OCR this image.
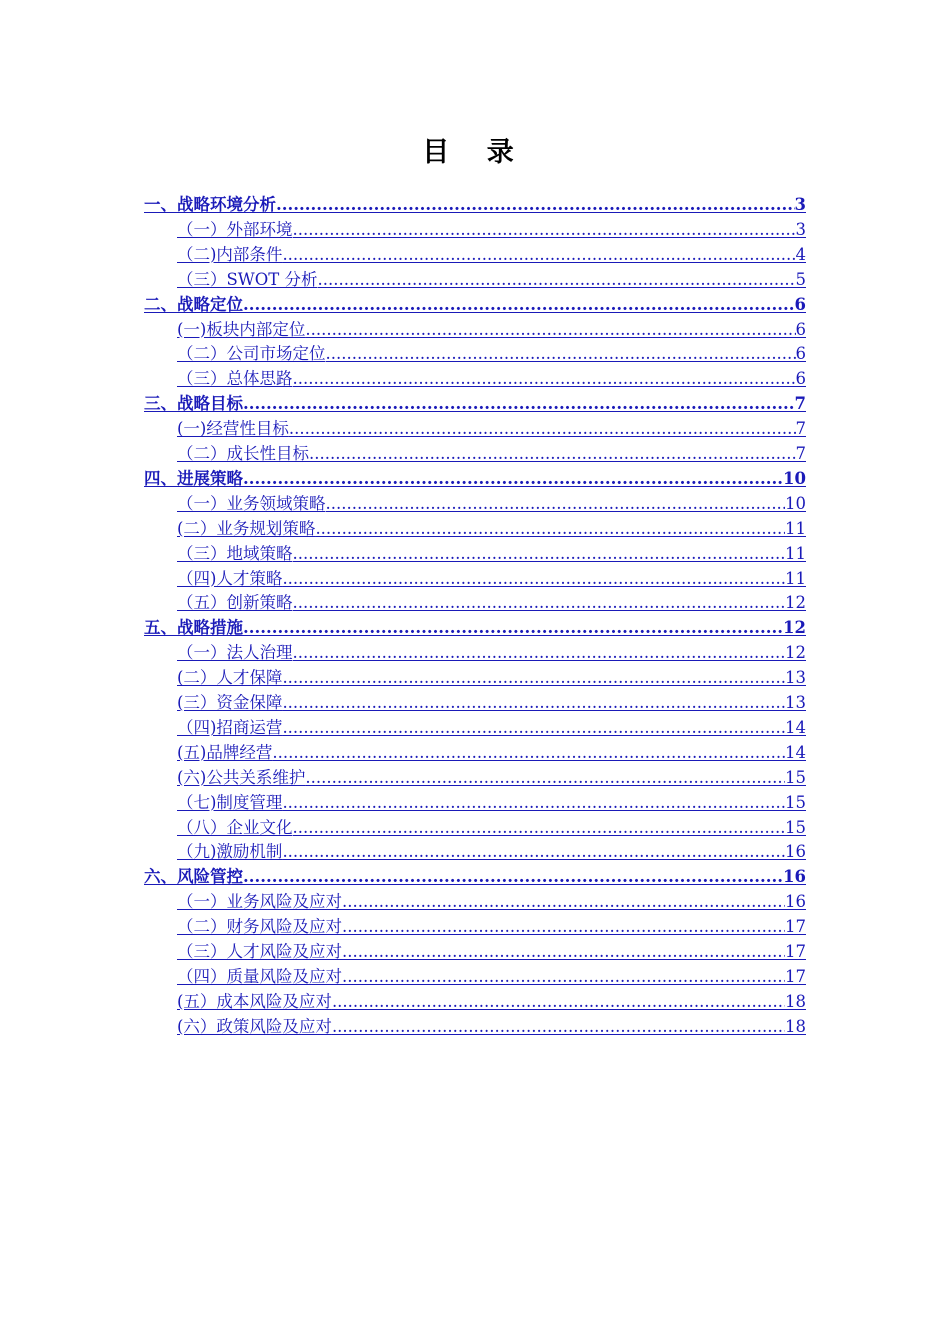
目 录
一、战略环境分析 .....	3
（一）外部环境 .....	3
（二)内部条件 .....	4
（三）SWOT 分析 .....	5
二、战略定位 .....	6
(一)板块内部定位 .....	6
（二）公司市场定位 .....	6
（三）总体思路 .....	6
三、战略目标 .....	7
(一)经营性目标 .....	7
（二）成长性目标 .....	7
四、进展策略 .....	10
（一）业务领域策略 .....	10
(二）业务规划策略 .....	11
（三）地域策略 .....	11
（四)人才策略 .....	11
（五）创新策略 .....	12
五、战略措施 .....	12
（一）法人治理 .....	12
(二）人才保障 .....	13
(三）资金保障 .....	13
（四)招商运营 .....	14
(五)品牌经营 .....	14
(六)公共关系维护 .....	15
（七)制度管理 .....	15
（八）企业文化 .....	15
（九)激励机制 .....	16
六、风险管控 .....	16
（一）业务风险及应对 .....	16
（二）财务风险及应对 .....	17
（三）人才风险及应对 .....	17
（四）质量风险及应对 .....	17
(五）成本风险及应对 .....	18
(六）政策风险及应对 .....	18
